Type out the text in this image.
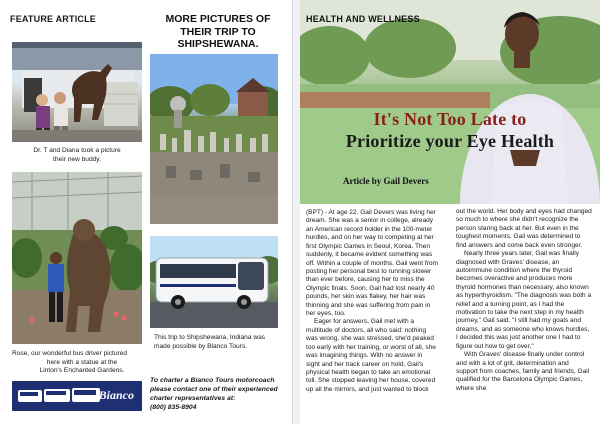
FEATURE ARTICLE	MORE PICTURES OF
THEIR TRIP TO
SHIPSHEWANA.
Dr. T and Diana took a picture
their new buddy.
This trip to Shipshewana, Indiana was
made possible by Blanco Tours.
Rose, our wonderful bus driver pictured
here with a statue at the
Linton's Enchanted Gardens.
Bianco
To charter a Bianco Tours motorcoach
please contact one of their experienced
charter representatives at:
(800) 835-8904
HEALTH AND WELLNESS
It's Not Too Late to
Prioritize your Eye Health
Article by Gail Devers

(BPT) - At age 22, Gail Devers was living her dream. She was a senior in college, already an American record holder in the 100-meter hurdles, and on her way to competing at her first Olympic Games in Seoul, Korea. Then suddenly, it became evident something was off. Within a couple of months, Gail went from posting her personal best to running slower than ever before, causing her to miss the Olympic finals. Soon, Gail had lost nearly 40 pounds, her skin was flakey, her hair was thinning and she was suffering from pain in her eyes, too.

Eager for answers, Gail met with a multitude of doctors, all who said: nothing was wrong, she was stressed, she'd peaked too early with her training, or worst of all, she was imagining things. With no answer in sight and her track career on hold, Gail's physical health began to take an emotional toll. She stopped leaving her house, covered up all the mirrors, and just wanted to block

out the world. Her body and eyes had changed so much to where she didn't recognize the person staring back at her. But even in the toughest moments, Gail was determined to find answers and come back even stronger.

Nearly three years later, Gail was finally diagnosed with Graves' disease, an autoimmune condition where the thyroid becomes overactive and produces more thyroid hormones than necessary, also known as hyperthyroidism. "The diagnosis was both a relief and a turning point, as I had the motivation to take the next step in my health journey," Gail said. "I still had my goals and dreams, and as someone who knows hurdles, I decided this was just another one I had to figure out how to get over."

With Graves' disease finally under control and with a lot of grit, determination and support from coaches, family and friends, Gail qualified for the Barcelona Olympic Games, where she
